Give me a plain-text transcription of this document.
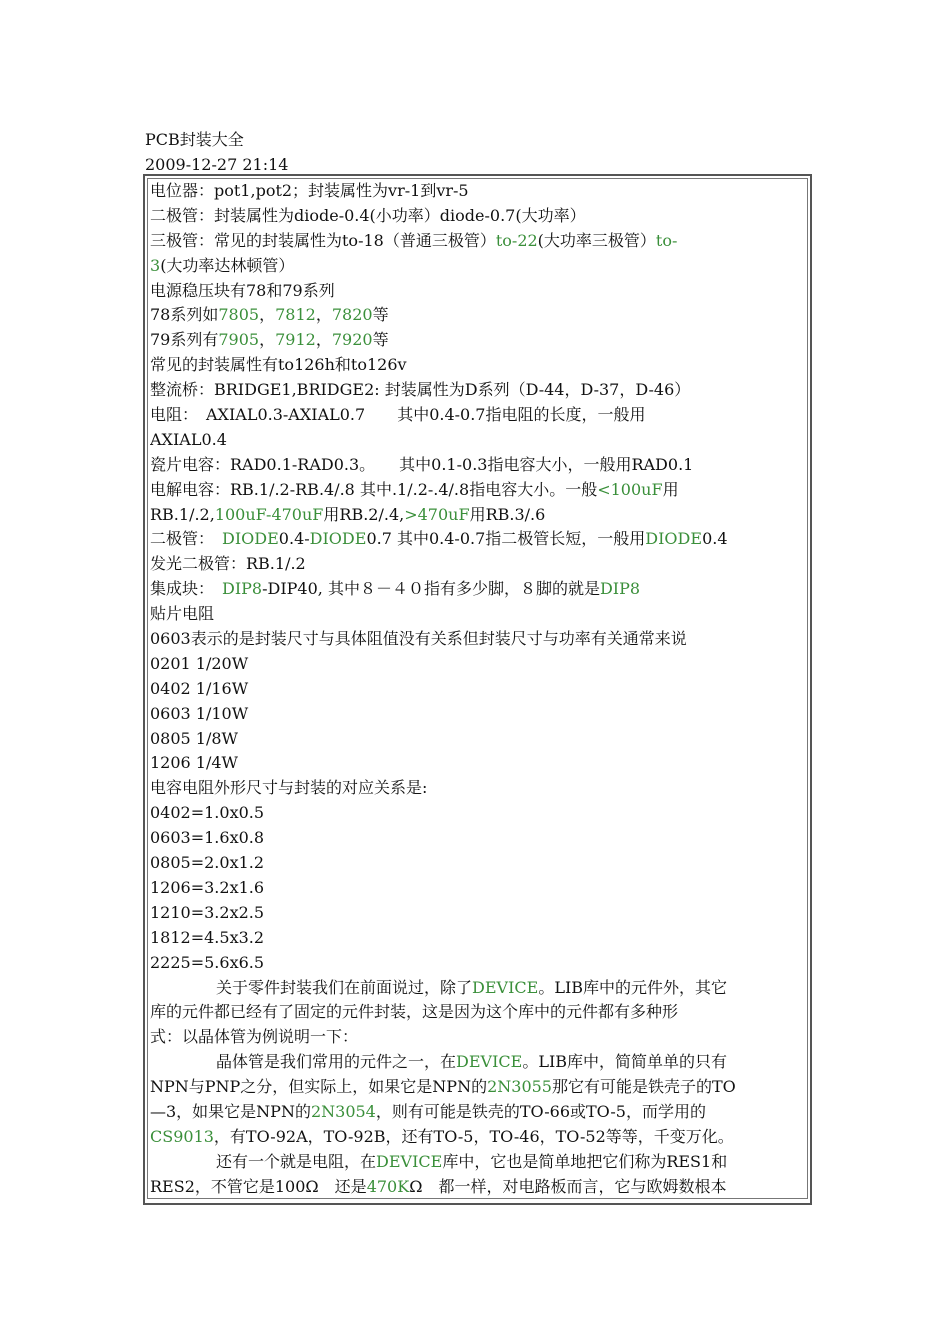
PCB封装大全
2009-12-27 21:14
电位器：pot1,pot2；封装属性为vr-1到vr-5
二极管：封装属性为diode-0.4(小功率）diode-0.7(大功率）
三极管：常见的封装属性为to-18（普通三极管）to-22(大功率三极管）to-
3(大功率达林顿管）
电源稳压块有78和79系列
78系列如7805，7812，7820等
79系列有7905，7912，7920等
常见的封装属性有to126h和to126v
整流桥：BRIDGE1,BRIDGE2: 封装属性为D系列（D-44，D-37，D-46）
电阻：　AXIAL0.3-AXIAL0.7　　其中0.4-0.7指电阻的长度，一般用
AXIAL0.4
瓷片电容：RAD0.1-RAD0.3。　　其中0.1-0.3指电容大小，一般用RAD0.1
电解电容：RB.1/.2-RB.4/.8 其中.1/.2-.4/.8指电容大小。一般<100uF用
RB.1/.2,100uF-470uF用RB.2/.4,>470uF用RB.3/.6
二极管：　DIODE0.4-DIODE0.7 其中0.4-0.7指二极管长短，一般用DIODE0.4
发光二极管：RB.1/.2
集成块：　DIP8-DIP40, 其中８－４０指有多少脚，８脚的就是DIP8
贴片电阻
0603表示的是封装尺寸与具体阻值没有关系但封装尺寸与功率有关通常来说
0201 1/20W
0402 1/16W
0603 1/10W
0805 1/8W
1206 1/4W
电容电阻外形尺寸与封装的对应关系是:
0402=1.0x0.5
0603=1.6x0.8
0805=2.0x1.2
1206=3.2x1.6
1210=3.2x2.5
1812=4.5x3.2
2225=5.6x6.5
关于零件封装我们在前面说过，除了DEVICE。LIB库中的元件外，其它
库的元件都已经有了固定的元件封装，这是因为这个库中的元件都有多种形
式：以晶体管为例说明一下：
晶体管是我们常用的元件之一，在DEVICE。LIB库中，简简单单的只有
NPN与PNP之分，但实际上，如果它是NPN的2N3055那它有可能是铁壳子的TO
—3，如果它是NPN的2N3054，则有可能是铁壳的TO-66或TO-5，而学用的
CS9013，有TO-92A，TO-92B，还有TO-5，TO-46，TO-52等等，千变万化。
还有一个就是电阻，在DEVICE库中，它也是简单地把它们称为RES1和
RES2，不管它是100Ω　还是470KΩ　都一样，对电路板而言，它与欧姆数根本
